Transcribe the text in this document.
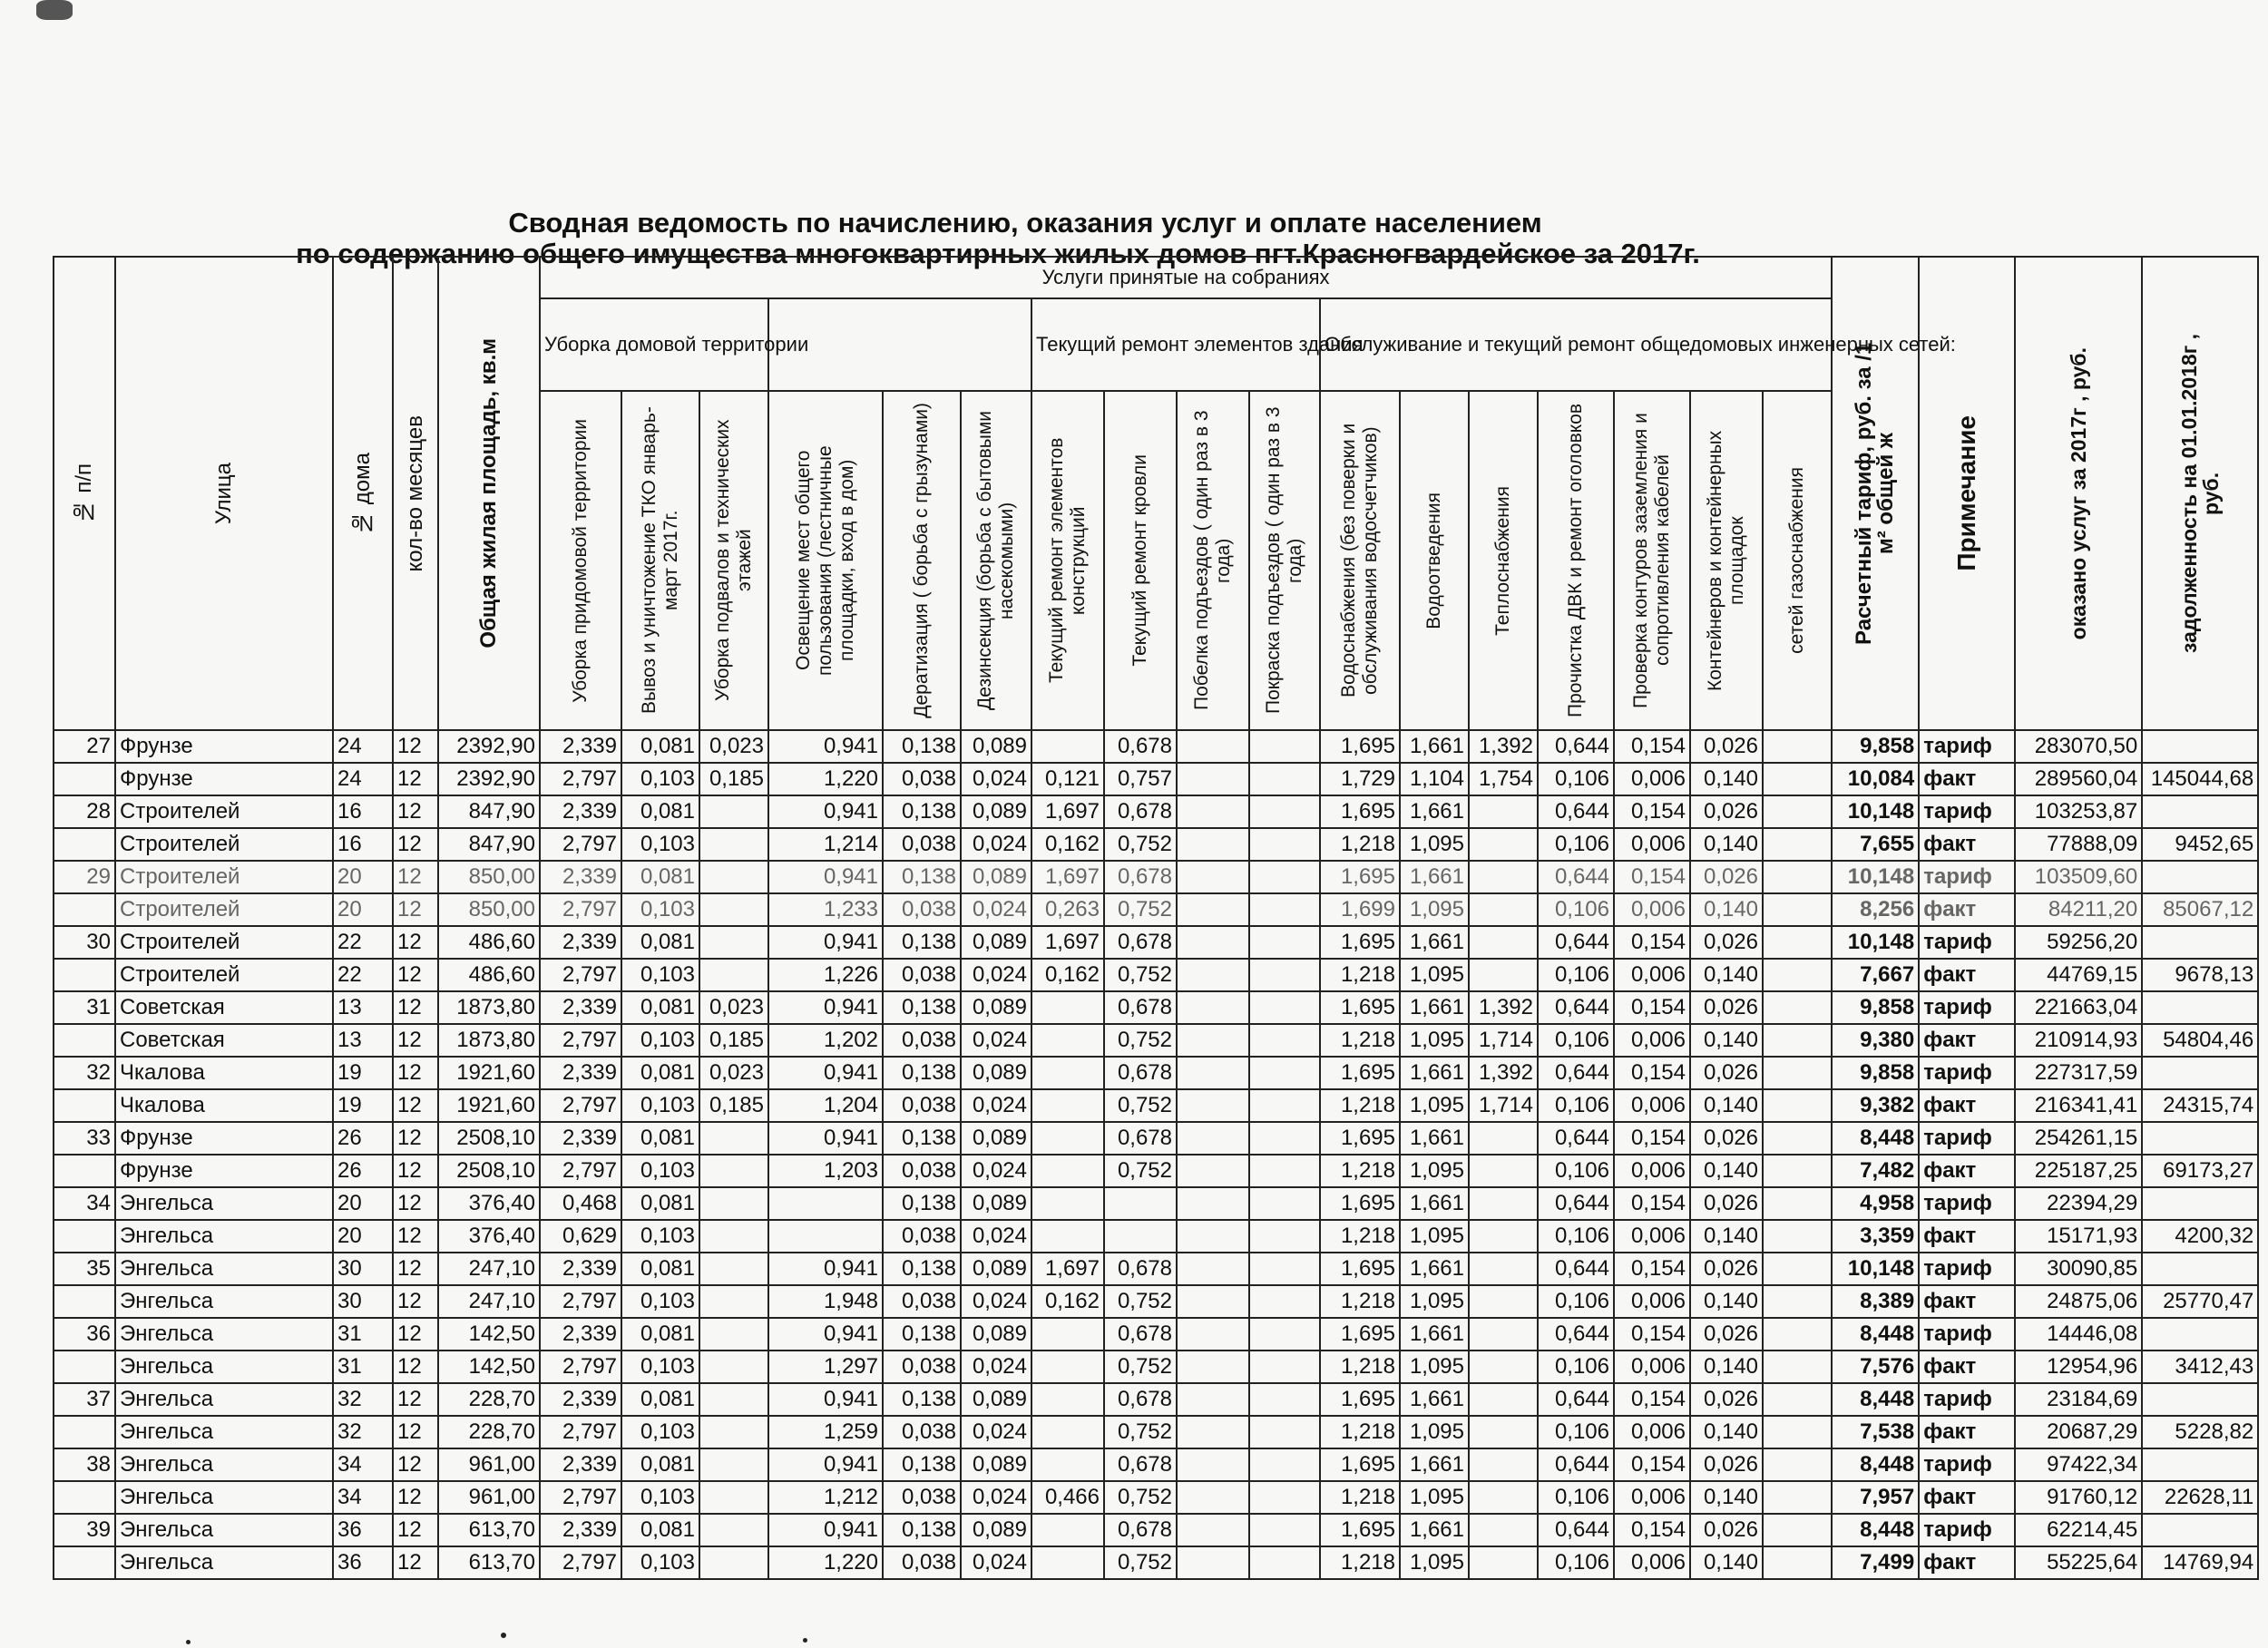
Сводная ведомость по начислению, оказания услуг и оплате населением
по содержанию общего имущества многоквартирных жилых домов пгт.Красногвардейское за 2017г.
№ п/п	Улица	№ дома	кол-во месяцев	Общая жилая площадь, кв.м	Услуги принятые на собраниях																	Расчетный тариф, руб. за /1 м² общей ж	Примечание	оказано услуг за 2017г , руб.	задолженность на 01.01.2018г , руб.

					Уборка домовой территории						Текущий ремонт элементов здания				Обслуживание и текущий ремонт общедомовых инженерных сетей:										

					Уборка придомовой территории	Вывоз и уничтожение ТКО январь-март 2017г.	Уборка подвалов и технических этажей	Освещение мест общего пользования (лестничные площадки, вход в дом)	Дератизация ( борьба с грызунами)	Дезинсекция (борьба с бытовыми насекомыми)	Текущий ремонт элементов конструкций	Текущий ремонт кровли	Побелка подъездов ( один раз в 3 года)	Покраска подъездов ( один раз в 3 года)	Водоснабжения (без поверки и обслуживания водосчетчиков)	Водоотведения	Теплоснабжения	Прочистка ДВК и ремонт оголовков	Проверка контуров заземления и сопротивления кабелей	Контейнеров и контейнерных площадок	сетей газоснабжения				

27	Фрунзе	24	12	2392,90	2,339	0,081	0,023	0,941	0,138	0,089		0,678			1,695	1,661	1,392	0,644	0,154	0,026		9,858	тариф	283070,50	
	Фрунзе	24	12	2392,90	2,797	0,103	0,185	1,220	0,038	0,024	0,121	0,757			1,729	1,104	1,754	0,106	0,006	0,140		10,084	факт	289560,04	145044,68
28	Строителей	16	12	847,90	2,339	0,081		0,941	0,138	0,089	1,697	0,678			1,695	1,661		0,644	0,154	0,026		10,148	тариф	103253,87	
	Строителей	16	12	847,90	2,797	0,103		1,214	0,038	0,024	0,162	0,752			1,218	1,095		0,106	0,006	0,140		7,655	факт	77888,09	9452,65
29	Строителей	20	12	850,00	2,339	0,081		0,941	0,138	0,089	1,697	0,678			1,695	1,661		0,644	0,154	0,026		10,148	тариф	103509,60	
	Строителей	20	12	850,00	2,797	0,103		1,233	0,038	0,024	0,263	0,752			1,699	1,095		0,106	0,006	0,140		8,256	факт	84211,20	85067,12
30	Строителей	22	12	486,60	2,339	0,081		0,941	0,138	0,089	1,697	0,678			1,695	1,661		0,644	0,154	0,026		10,148	тариф	59256,20	
	Строителей	22	12	486,60	2,797	0,103		1,226	0,038	0,024	0,162	0,752			1,218	1,095		0,106	0,006	0,140		7,667	факт	44769,15	9678,13
31	Советская	13	12	1873,80	2,339	0,081	0,023	0,941	0,138	0,089		0,678			1,695	1,661	1,392	0,644	0,154	0,026		9,858	тариф	221663,04	
	Советская	13	12	1873,80	2,797	0,103	0,185	1,202	0,038	0,024		0,752			1,218	1,095	1,714	0,106	0,006	0,140		9,380	факт	210914,93	54804,46
32	Чкалова	19	12	1921,60	2,339	0,081	0,023	0,941	0,138	0,089		0,678			1,695	1,661	1,392	0,644	0,154	0,026		9,858	тариф	227317,59	
	Чкалова	19	12	1921,60	2,797	0,103	0,185	1,204	0,038	0,024		0,752			1,218	1,095	1,714	0,106	0,006	0,140		9,382	факт	216341,41	24315,74
33	Фрунзе	26	12	2508,10	2,339	0,081		0,941	0,138	0,089		0,678			1,695	1,661		0,644	0,154	0,026		8,448	тариф	254261,15	
	Фрунзе	26	12	2508,10	2,797	0,103		1,203	0,038	0,024		0,752			1,218	1,095		0,106	0,006	0,140		7,482	факт	225187,25	69173,27
34	Энгельса	20	12	376,40	0,468	0,081			0,138	0,089					1,695	1,661		0,644	0,154	0,026		4,958	тариф	22394,29	
	Энгельса	20	12	376,40	0,629	0,103			0,038	0,024					1,218	1,095		0,106	0,006	0,140		3,359	факт	15171,93	4200,32
35	Энгельса	30	12	247,10	2,339	0,081		0,941	0,138	0,089	1,697	0,678			1,695	1,661		0,644	0,154	0,026		10,148	тариф	30090,85	
	Энгельса	30	12	247,10	2,797	0,103		1,948	0,038	0,024	0,162	0,752			1,218	1,095		0,106	0,006	0,140		8,389	факт	24875,06	25770,47
36	Энгельса	31	12	142,50	2,339	0,081		0,941	0,138	0,089		0,678			1,695	1,661		0,644	0,154	0,026		8,448	тариф	14446,08	
	Энгельса	31	12	142,50	2,797	0,103		1,297	0,038	0,024		0,752			1,218	1,095		0,106	0,006	0,140		7,576	факт	12954,96	3412,43
37	Энгельса	32	12	228,70	2,339	0,081		0,941	0,138	0,089		0,678			1,695	1,661		0,644	0,154	0,026		8,448	тариф	23184,69	
	Энгельса	32	12	228,70	2,797	0,103		1,259	0,038	0,024		0,752			1,218	1,095		0,106	0,006	0,140		7,538	факт	20687,29	5228,82
38	Энгельса	34	12	961,00	2,339	0,081		0,941	0,138	0,089		0,678			1,695	1,661		0,644	0,154	0,026		8,448	тариф	97422,34	
	Энгельса	34	12	961,00	2,797	0,103		1,212	0,038	0,024	0,466	0,752			1,218	1,095		0,106	0,006	0,140		7,957	факт	91760,12	22628,11
39	Энгельса	36	12	613,70	2,339	0,081		0,941	0,138	0,089		0,678			1,695	1,661		0,644	0,154	0,026		8,448	тариф	62214,45	
	Энгельса	36	12	613,70	2,797	0,103		1,220	0,038	0,024		0,752			1,218	1,095		0,106	0,006	0,140		7,499	факт	55225,64	14769,94
